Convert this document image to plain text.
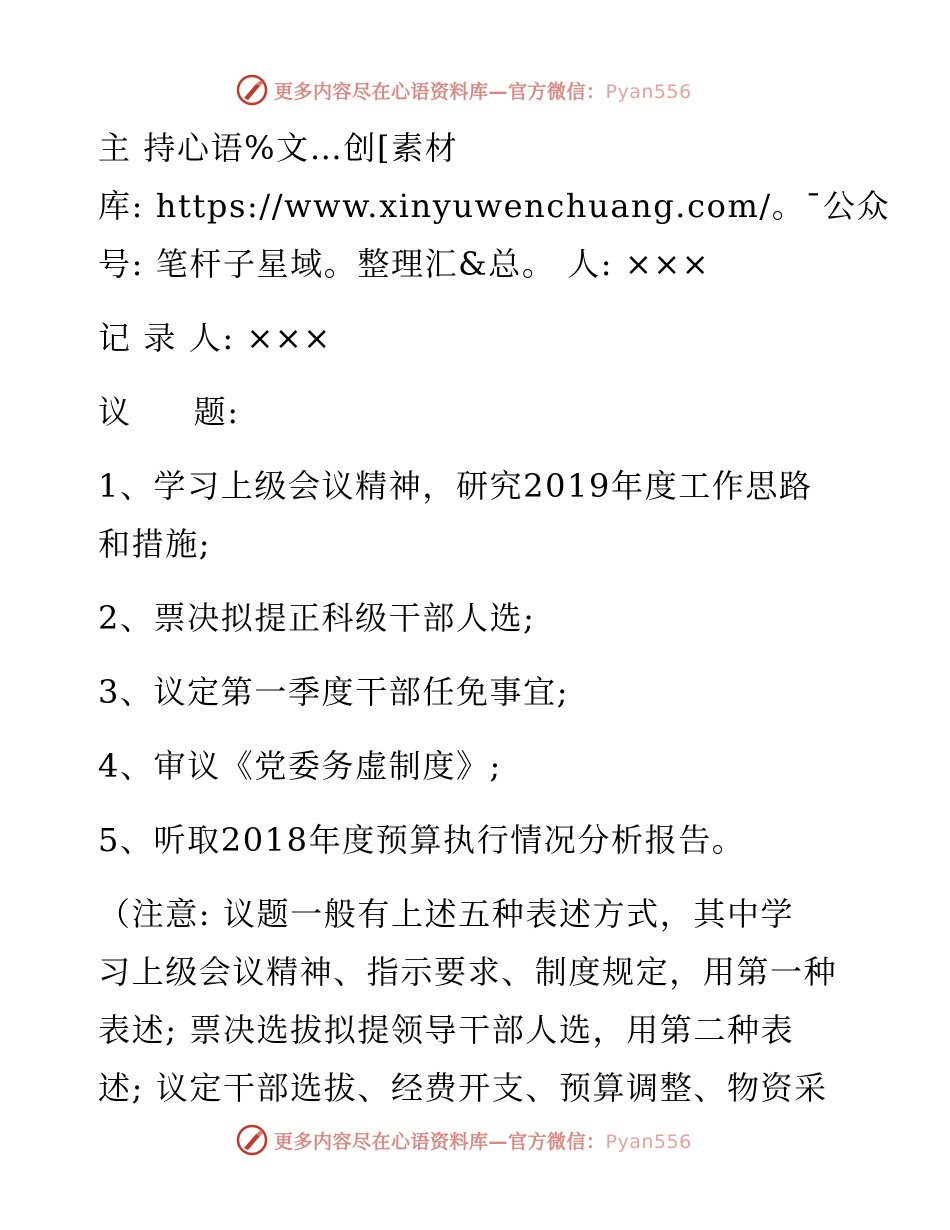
更多内容尽在心语资料库—官方微信：Pyan556
主 持心语%文…创[素材
库: https://www.xinyuwenchuang.com/。¯公众
号: 笔杆子星域。整理汇&总。 人: ×××
记 录 人: ×××
议 题:
1、学习上级会议精神，研究2019年度工作思路
和措施;
2、票决拟提正科级干部人选;
3、议定第一季度干部任免事宜;
4、审议《党委务虚制度》;
5、听取2018年度预算执行情况分析报告。
（注意: 议题一般有上述五种表述方式，其中学
习上级会议精神、指示要求、制度规定，用第一种
表述; 票决选拔拟提领导干部人选，用第二种表
述; 议定干部选拔、经费开支、预算调整、物资采
更多内容尽在心语资料库—官方微信：Pyan556
